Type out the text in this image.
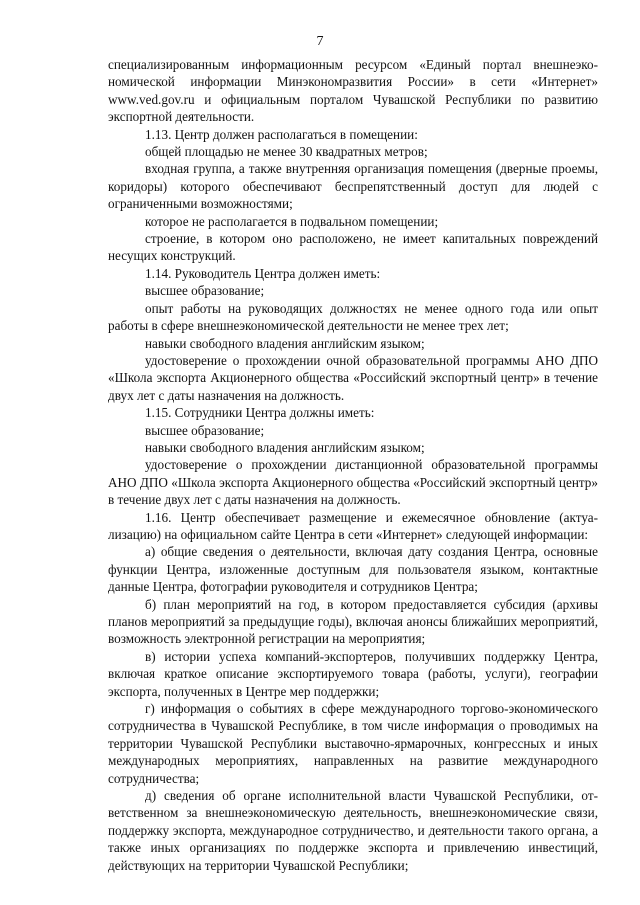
7

специализированным информационным ресурсом «Единый портал внешнеэкономической информации Минэкономразвития России» в сети «Интернет» www.ved.gov.ru и официальным порталом Чувашской Республики по развитию экспортной деятельности.

1.13. Центр должен располагаться в помещении:

общей площадью не менее 30 квадратных метров;

входная группа, а также внутренняя организация помещения (дверные проемы, коридоры) которого обеспечивают беспрепятственный доступ для людей с ограниченными возможностями;

которое не располагается в подвальном помещении;

строение, в котором оно расположено, не имеет капитальных повреждений несущих конструкций.

1.14. Руководитель Центра должен иметь:

высшее образование;

опыт работы на руководящих должностях не менее одного года или опыт работы в сфере внешнеэкономической деятельности не менее трех лет;

навыки свободного владения английским языком;

удостоверение о прохождении очной образовательной программы АНО ДПО «Школа экспорта Акционерного общества «Российский экспортный центр» в течение двух лет с даты назначения на должность.

1.15. Сотрудники Центра должны иметь:

высшее образование;

навыки свободного владения английским языком;

удостоверение о прохождении дистанционной образовательной программы АНО ДПО «Школа экспорта Акционерного общества «Российский экспортный центр» в течение двух лет с даты назначения на должность.

1.16. Центр обеспечивает размещение и ежемесячное обновление (актуализацию) на официальном сайте Центра в сети «Интернет» следующей информации:

а) общие сведения о деятельности, включая дату создания Центра, основные функции Центра, изложенные доступным для пользователя языком, контактные данные Центра, фотографии руководителя и сотрудников Центра;

б) план мероприятий на год, в котором предоставляется субсидия (архивы планов мероприятий за предыдущие годы), включая анонсы ближайших мероприятий, возможность электронной регистрации на мероприятия;

в) истории успеха компаний-экспортеров, получивших поддержку Центра, включая краткое описание экспортируемого товара (работы, услуги), географии экспорта, полученных в Центре мер поддержки;

г) информация о событиях в сфере международного торгово-экономического сотрудничества в Чувашской Республике, в том числе информация о проводимых на территории Чувашской Республики выставочно-ярмарочных, конгрессных и иных международных мероприятиях, направленных на развитие международного сотрудничества;

д) сведения об органе исполнительной власти Чувашской Республики, ответственном за внешнеэкономическую деятельность, внешнеэкономические связи, поддержку экспорта, международное сотрудничество, и деятельности такого органа, а также иных организациях по поддержке экспорта и привлечению инвестиций, действующих на территории Чувашской Республики;
